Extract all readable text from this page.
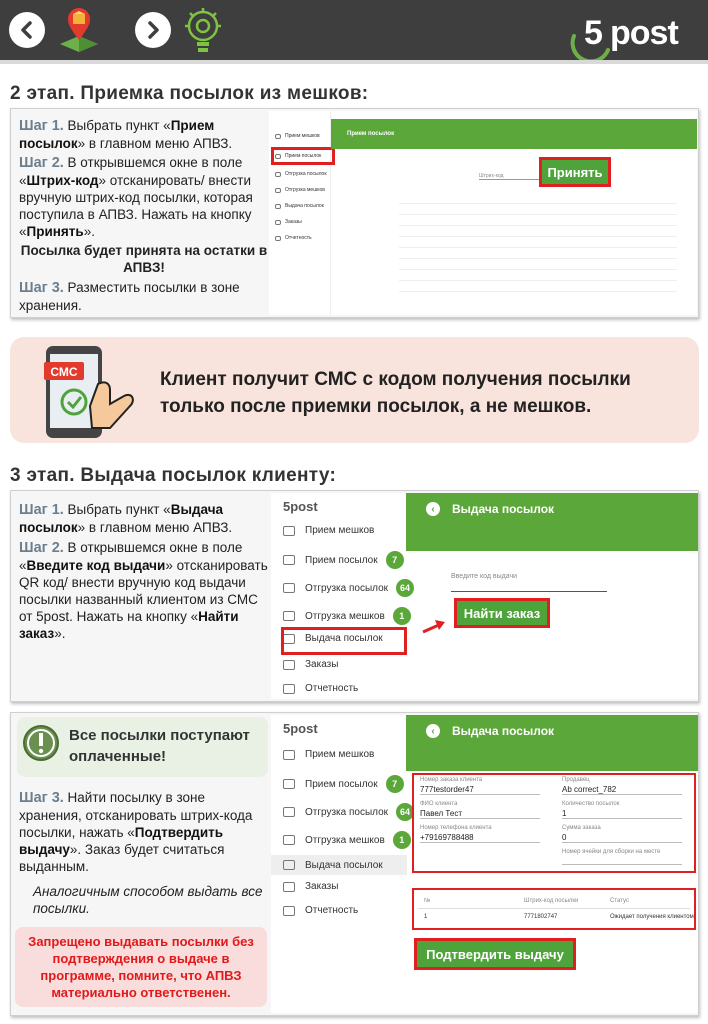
5 post
2 этап. Приемка посылок из мешков:
Шаг 1. Выбрать пункт «Прием посылок» в главном меню АПВЗ.
Шаг 2. В открывшемся окне в поле «Штрих-код» отсканировать/ внести вручную штрих-код посылки, которая поступила в АПВЗ. Нажать на кнопку «Принять».
Посылка будет принята на остатки в АПВЗ!
Шаг 3. Разместить посылки в зоне хранения.
Прием мешков
Прием посылок
Отгрузка посылок
Отгрузка мешков
Выдача посылок
Заказы
Отчетность
Прием посылок
Штрих-код	Принять
СМС	Клиент получит СМС с кодом получения посылки только после приемки посылок, а не мешков.
3 этап. Выдача посылок клиенту:
Шаг 1. Выбрать пункт «Выдача посылок» в главном меню АПВЗ.
Шаг 2. В открывшемся окне в поле «Введите код выдачи» отсканировать QR код/ внести вручную код выдачи посылки названный клиентом из СМС от 5post. Нажать на кнопку «Найти заказ».
5post
Прием мешков
Прием посылок	7
Отгрузка посылок	64
Отгрузка мешков	1
Выдача посылок
Заказы
Отчетность
‹	Выдача посылок
Введите код выдачи
Найти заказ
Все посылки поступают оплаченные!
Шаг 3. Найти посылку в зоне хранения, отсканировать штрих-кода посылки, нажать «Подтвердить выдачу». Заказ будет считаться выданным.
Аналогичным способом выдать все посылки.
Запрещено выдавать посылки без подтверждения о выдаче в программе, помните, что АПВЗ материально ответственен.
5post
Прием мешков
Прием посылок	7
Отгрузка посылок	64
Отгрузка мешков	1
Выдача посылок
Заказы
Отчетность
‹	Выдача посылок
Номер заказа клиента
777testorder47
ФИО клиента
Павел Тест
Номер телефона клиента
+79169788488
Продавец
Ab correct_782
Количество посылок
1
Сумма заказа
0
Номер ячейки для сборки на месте
№	Штрих-код посылки	Статус
1	7771802747	Ожидает получения клиентом
Подтвердить выдачу
